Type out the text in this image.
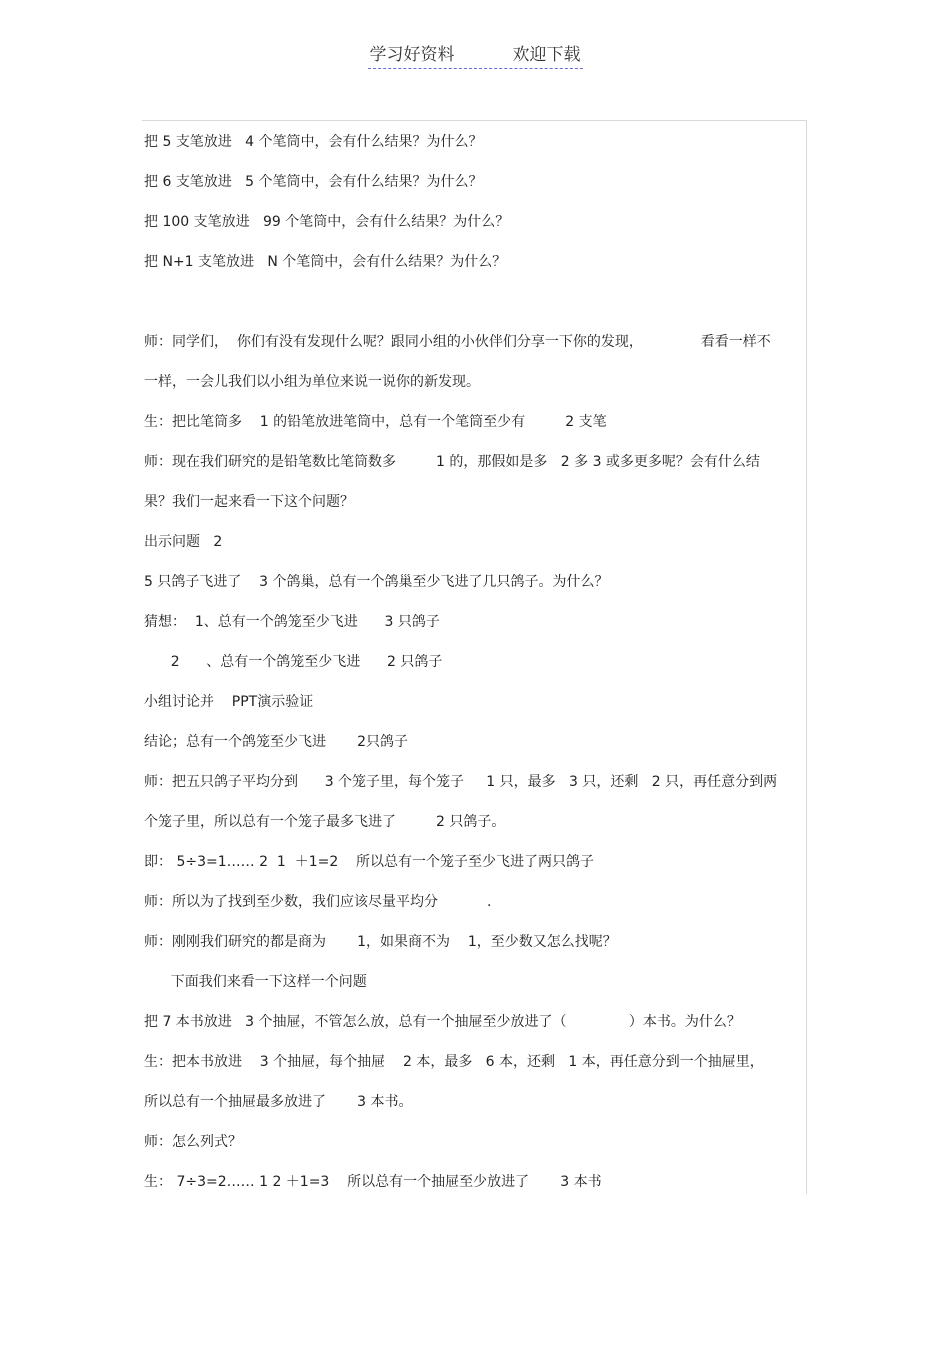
学习好资料	欢迎下载
把 5 支笔放进   4 个笔筒中，会有什么结果？为什么？
把 6 支笔放进   5 个笔筒中，会有什么结果？为什么？
把 100 支笔放进   99 个笔筒中，会有什么结果？为什么？
把 N+1 支笔放进   N 个笔筒中，会有什么结果？为什么？
师：同学们，  你们有没有发现什么呢？跟同小组的小伙伴们分享一下你的发现，             看看一样不
一样，一会儿我们以小组为单位来说一说你的新发现。
生：把比笔筒多    1 的铅笔放进笔筒中，总有一个笔筒至少有         2 支笔
师：现在我们研究的是铅笔数比笔筒数多         1 的，那假如是多   2 多 3 或多更多呢？会有什么结
果？我们一起来看一下这个问题？
出示问题   2
5 只鸽子飞进了    3 个鸽巢，总有一个鸽巢至少飞进了几只鸽子。为什么？
猜想：  1、总有一个鸽笼至少飞进      3 只鸽子
2      、总有一个鸽笼至少飞进      2 只鸽子
小组讨论并    PPT演示验证
结论；总有一个鸽笼至少飞进       2只鸽子
师：把五只鸽子平均分到      3 个笼子里，每个笼子     1 只，最多   3 只，还剩   2 只，再任意分到两
个笼子里，所以总有一个笼子最多飞进了         2 只鸽子。
即： 5÷3=1…… 2  1  ＋1=2    所以总有一个笼子至少飞进了两只鸽子
师：所以为了找到至少数，我们应该尽量平均分           .
师：刚刚我们研究的都是商为       1，如果商不为    1，至少数又怎么找呢？
下面我们来看一下这样一个问题
把 7 本书放进   3 个抽屉，不管怎么放，总有一个抽屉至少放进了（              ）本书。为什么？
生：把本书放进    3 个抽屉，每个抽屉    2 本，最多   6 本，还剩   1 本，再任意分到一个抽屉里，
所以总有一个抽屉最多放进了       3 本书。
师：怎么列式？
生： 7÷3=2…… 1 2 ＋1=3    所以总有一个抽屉至少放进了       3 本书
